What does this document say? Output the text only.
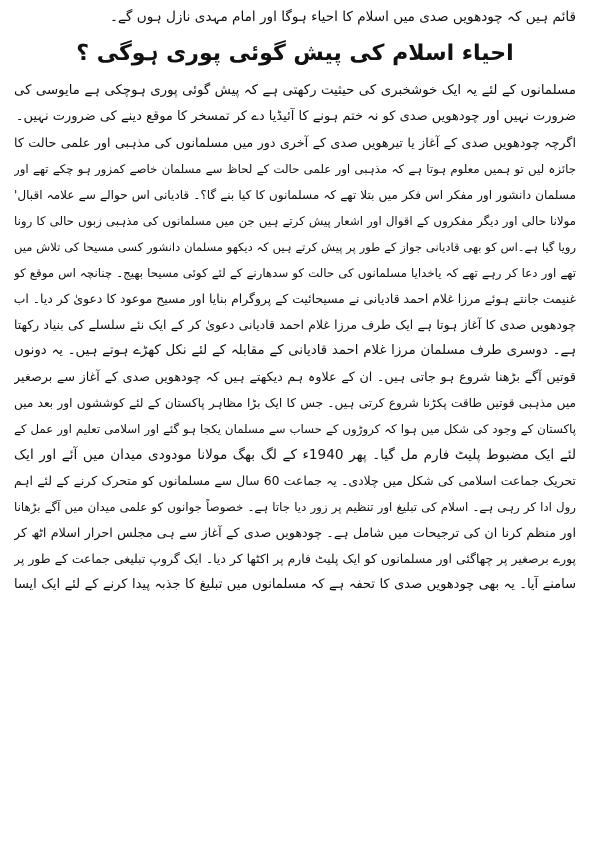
قائم ہیں کہ چودھویں صدی میں اسلام کا احیاء ہوگا اور امام مہدی نازل ہوں گے۔
احیاء اسلام کی پیش گوئی پوری ہوگی ؟
مسلمانوں کے لئے یہ ایک خوشخبری کی حیثیت رکھتی ہے کہ پیش گوئی پوری ہوچکی ہے مایوسی کی
ضرورت نہیں اور چودھویں صدی کو نہ ختم ہونے کا آئیڈیا دے کر تمسخر کا موقع دینے کی ضرورت نہیں۔
اگرچہ چودھویں صدی کے آغاز یا تیرھویں صدی کے آخری دور میں مسلمانوں کی مذہبی اور علمی حالت کا
جائزہ لیں تو ہمیں معلوم ہوتا ہے کہ مذہبی اور علمی حالت کے لحاظ سے مسلمان خاصے کمزور ہو چکے تھے اور
مسلمان دانشور اور مفکر اس فکر میں بتلا تھے کہ مسلمانوں کا کیا بنے گا؟۔ قادیانی اس حوالے سے علامہ اقبال'
مولانا حالی اور دیگر مفکروں کے اقوال اور اشعار پیش کرتے ہیں جن میں مسلمانوں کی مذہبی زبوں حالی کا رونا
رویا گیا ہے۔اس کو بھی قادیانی جواز کے طور پر پیش کرتے ہیں کہ دیکھو مسلمان دانشور کسی مسیحا کی تلاش میں
تھے اور دعا کر رہے تھے کہ یاخدایا مسلمانوں کی حالت کو سدھارنے کے لئے کوئی مسیحا بھیج۔ چنانچہ اس موقع کو
غنیمت جانتے ہوئے مرزا غلام احمد قادیانی نے مسیحائیت کے پروگرام بنایا اور مسیح موعود کا دعویٰ کر دیا۔ اب
چودھویں صدی کا آغاز ہوتا ہے ایک طرف مرزا غلام احمد قادیانی دعویٰ کر کے ایک نئے سلسلے کی بنیاد رکھتا
ہے۔ دوسری طرف مسلمان مرزا غلام احمد قادیانی کے مقابلہ کے لئے نکل کھڑے ہوتے ہیں۔ یہ دونوں
قوتیں آگے بڑھنا شروع ہو جاتی ہیں۔ ان کے علاوہ ہم دیکھتے ہیں کہ چودھویں صدی کے آغاز سے برصغیر
میں مذہبی قوتیں طاقت پکڑنا شروع کرتی ہیں۔ جس کا ایک بڑا مظاہر پاکستان کے لئے کوششوں اور بعد میں
پاکستان کے وجود کی شکل میں ہوا کہ کروڑوں کے حساب سے مسلمان یکجا ہو گئے اور اسلامی تعلیم اور عمل کے
لئے ایک مضبوط پلیٹ فارم مل گیا۔ پھر 1940ء کے لگ بھگ مولانا مودودی میدان میں آئے اور ایک
تحریک جماعت اسلامی کی شکل میں چلادی۔ یہ جماعت 60 سال سے مسلمانوں کو متحرک کرنے کے لئے اہم
رول ادا کر رہی ہے۔ اسلام کی تبلیغ اور تنظیم پر زور دیا جاتا ہے۔ خصوصاً جوانوں کو علمی میدان میں آگے بڑھانا
اور منظم کرنا ان کی ترجیحات میں شامل ہے۔ چودھویں صدی کے آغاز سے ہی مجلس احرار اسلام اٹھ کر
پورے برصغیر پر چھاگئی اور مسلمانوں کو ایک پلیٹ فارم پر اکٹھا کر دیا۔ ایک گروپ تبلیغی جماعت کے طور پر
سامنے آیا۔ یہ بھی چودھویں صدی کا تحفہ ہے کہ مسلمانوں میں تبلیغ کا جذبہ پیدا کرنے کے لئے ایک ایسا
